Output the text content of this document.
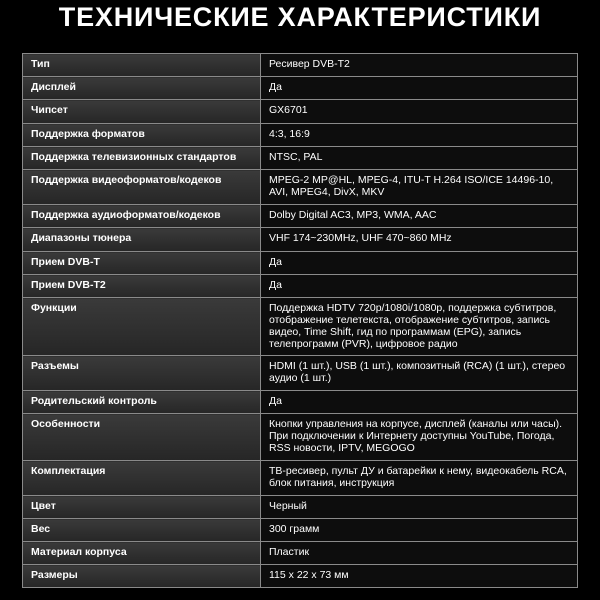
ТЕХНИЧЕСКИЕ ХАРАКТЕРИСТИКИ
Тип	Ресивер DVB-T2
Дисплей	Да
Чипсет	GX6701
Поддержка форматов	4:3, 16:9
Поддержка телевизионных стандартов	NTSC, PAL
Поддержка видеоформатов/кодеков	MPEG-2 MP@HL, MPEG-4, ITU-T H.264 ISO/ICE 14496-10, AVI, MPEG4, DivX, MKV
Поддержка аудиоформатов/кодеков	Dolby Digital AC3, MP3, WMA, AAC
Диапазоны тюнера	VHF 174~230MHz, UHF 470~860 MHz
Прием DVB-T	Да
Прием DVB-T2	Да
Функции	Поддержка HDTV 720p/1080i/1080p, поддержка субтитров, отображение телетекста, отображение субтитров, запись видео, Time Shift, гид по программам (EPG), запись телепрограмм (PVR), цифровое радио
Разъемы	HDMI (1 шт.), USB (1 шт.), композитный (RCA) (1 шт.), стерео аудио (1 шт.)
Родительский контроль	Да
Особенности	Кнопки управления на корпусе, дисплей (каналы или часы). При подключении к Интернету доступны YouTube, Погода, RSS новости, IPTV, MEGOGO
Комплектация	ТВ-ресивер, пульт ДУ и батарейки к нему, видеокабель RCA, блок питания, инструкция
Цвет	Черный
Вес	300 грамм
Материал корпуса	Пластик
Размеры	115 x 22 x 73 мм
